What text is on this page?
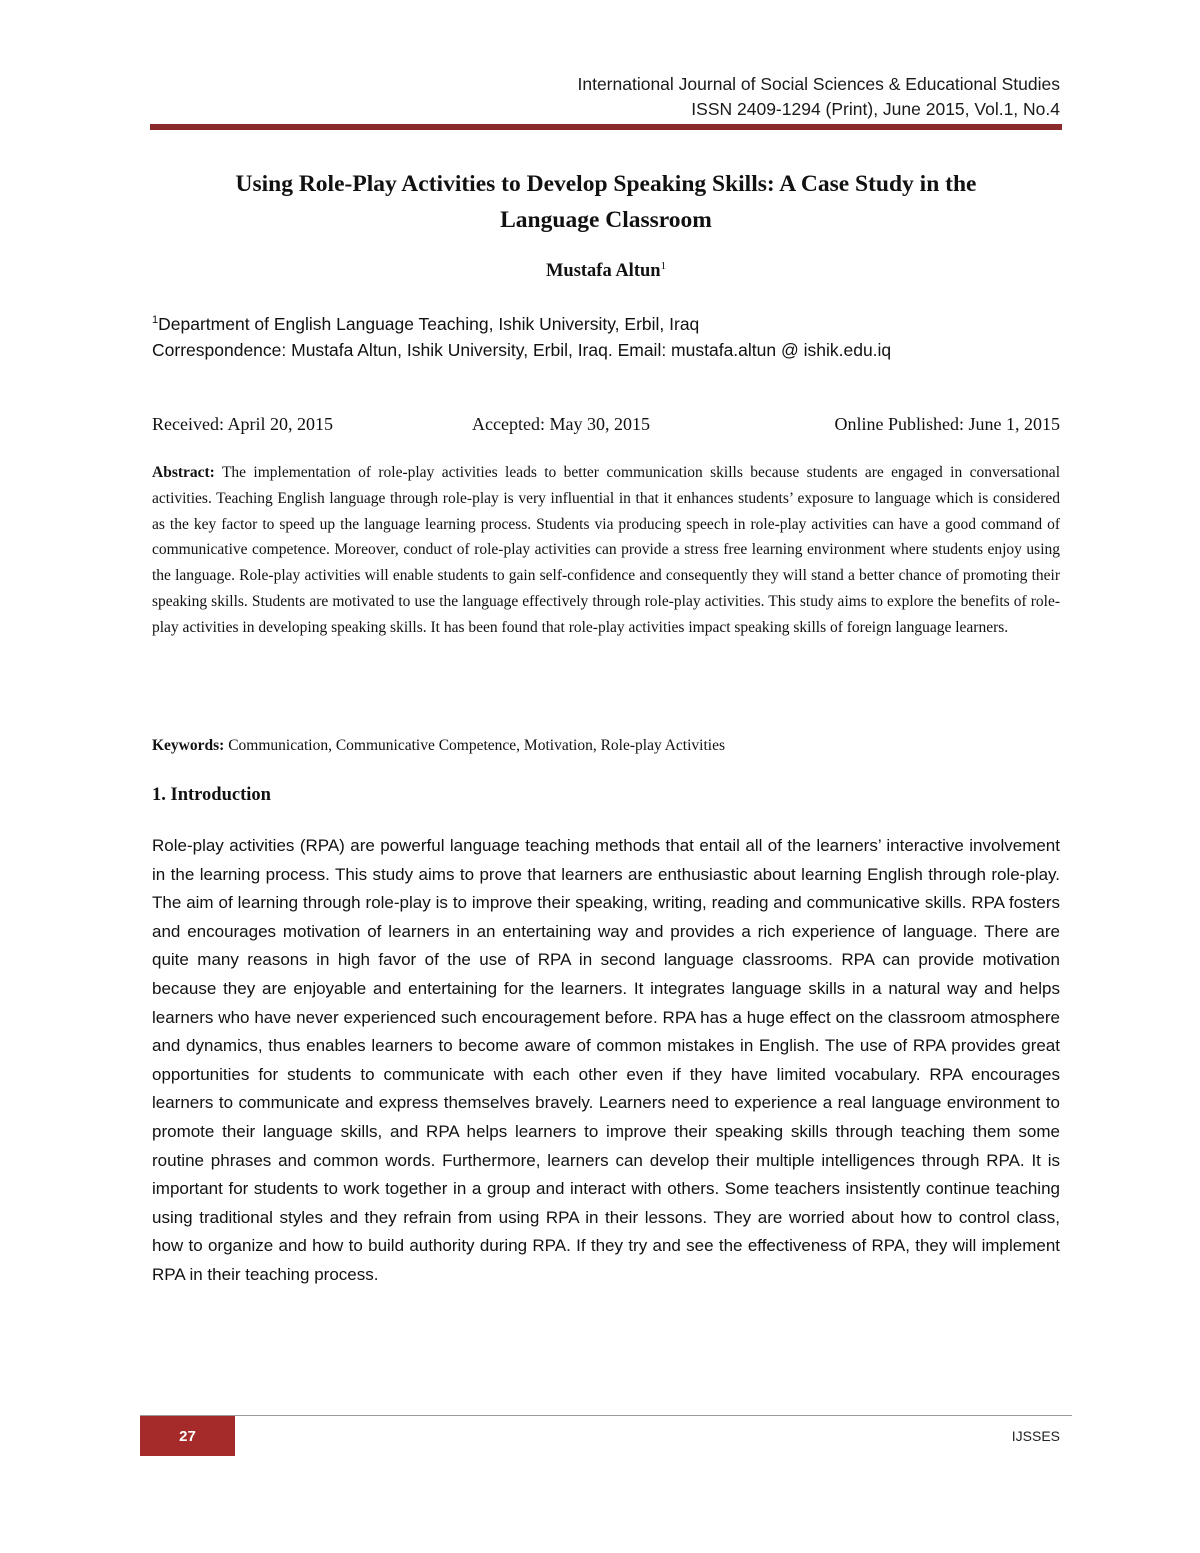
International Journal of Social Sciences & Educational Studies
ISSN 2409-1294 (Print), June 2015, Vol.1, No.4
Using Role-Play Activities to Develop Speaking Skills: A Case Study in the
Language Classroom
Mustafa Altun$^1$
$^1$Department of English Language Teaching, Ishik University, Erbil, Iraq
Correspondence: Mustafa Altun, Ishik University, Erbil, Iraq. Email: mustafa.altun @ ishik.edu.iq
Received: April 20, 2015	Accepted: May 30, 2015	Online Published: June 1, 2015

Abstract: The implementation of role-play activities leads to better communication skills because students are engaged in conversational activities. Teaching English language through role-play is very influential in that it enhances students’ exposure to language which is considered as the key factor to speed up the language learning process. Students via producing speech in role-play activities can have a good command of communicative competence. Moreover, conduct of role-play activities can provide a stress free learning environment where students enjoy using the language. Role-play activities will enable students to gain self-confidence and consequently they will stand a better chance of promoting their speaking skills. Students are motivated to use the language effectively through role-play activities. This study aims to explore the benefits of role-play activities in developing speaking skills. It has been found that role-play activities impact speaking skills of foreign language learners.

Keywords: Communication, Communicative Competence, Motivation, Role-play Activities

1. Introduction

Role-play activities (RPA) are powerful language teaching methods that entail all of the learners’ interactive involvement in the learning process. This study aims to prove that learners are enthusiastic about learning English through role-play. The aim of learning through role-play is to improve their speaking, writing, reading and communicative skills. RPA fosters and encourages motivation of learners in an entertaining way and provides a rich experience of language. There are quite many reasons in high favor of the use of RPA in second language classrooms. RPA can provide motivation because they are enjoyable and entertaining for the learners. It integrates language skills in a natural way and helps learners who have never experienced such encouragement before. RPA has a huge effect on the classroom atmosphere and dynamics, thus enables learners to become aware of common mistakes in English. The use of RPA provides great opportunities for students to communicate with each other even if they have limited vocabulary. RPA encourages learners to communicate and express themselves bravely. Learners need to experience a real language environment to promote their language skills, and RPA helps learners to improve their speaking skills through teaching them some routine phrases and common words. Furthermore, learners can develop their multiple intelligences through RPA. It is important for students to work together in a group and interact with others. Some teachers insistently continue teaching using traditional styles and they refrain from using RPA in their lessons. They are worried about how to control class, how to organize and how to build authority during RPA. If they try and see the effectiveness of RPA, they will implement RPA in their teaching process.

27	IJSSES
